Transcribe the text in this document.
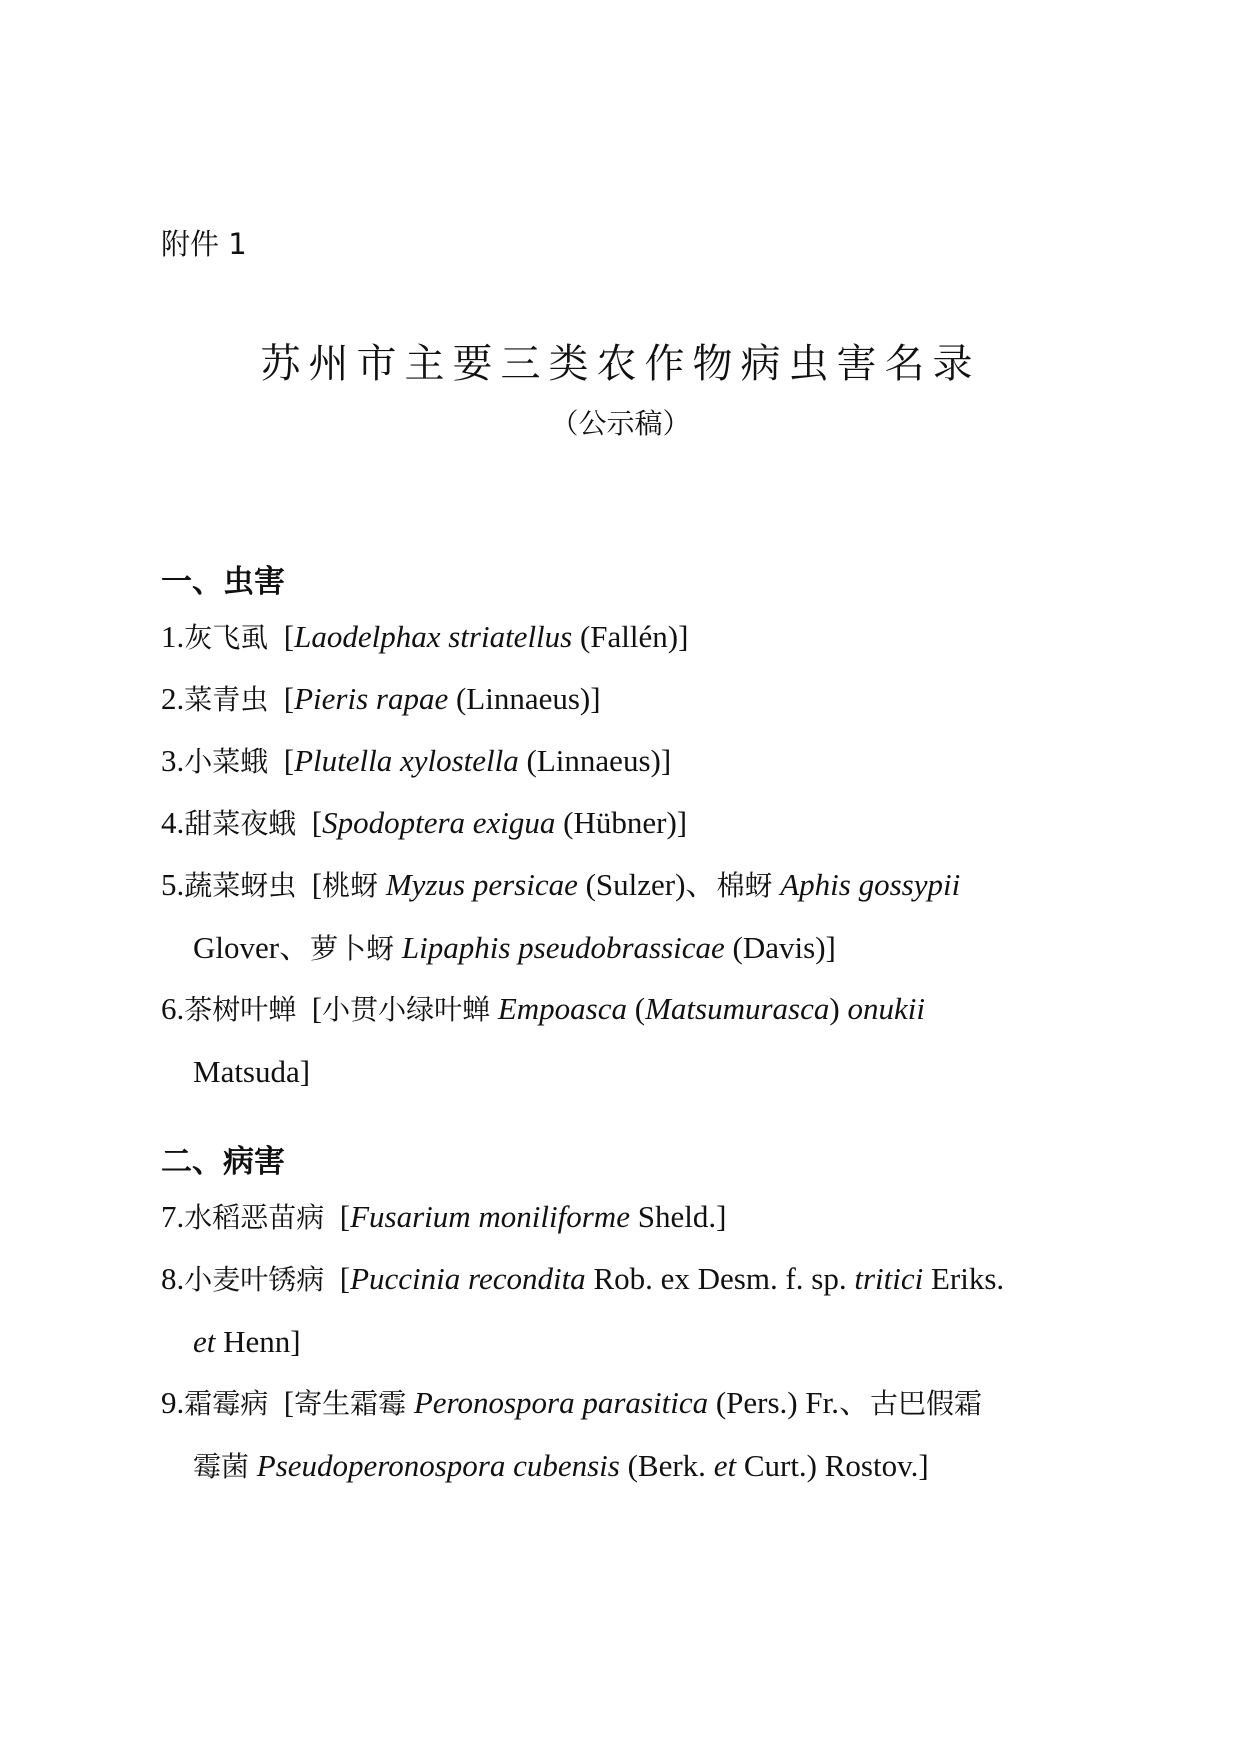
附件 1
苏州市主要三类农作物病虫害名录
（公示稿）
一、虫害
1.灰飞虱 [Laodelphax striatellus (Fallén)]
2.菜青虫 [Pieris rapae (Linnaeus)]
3.小菜蛾 [Plutella xylostella (Linnaeus)]
4.甜菜夜蛾 [Spodoptera exigua (Hübner)]
5.蔬菜蚜虫 [桃蚜 Myzus persicae (Sulzer)、棉蚜 Aphis gossypii
Glover、萝卜蚜 Lipaphis pseudobrassicae (Davis)]
6.茶树叶蝉 [小贯小绿叶蝉 Empoasca (Matsumurasca) onukii
Matsuda]
二、病害
7.水稻恶苗病 [Fusarium moniliforme Sheld.]
8.小麦叶锈病 [Puccinia recondita Rob. ex Desm. f. sp. tritici Eriks.
et Henn]
9.霜霉病 [寄生霜霉 Peronospora parasitica (Pers.) Fr.、古巴假霜
霉菌 Pseudoperonospora cubensis (Berk. et Curt.) Rostov.]
